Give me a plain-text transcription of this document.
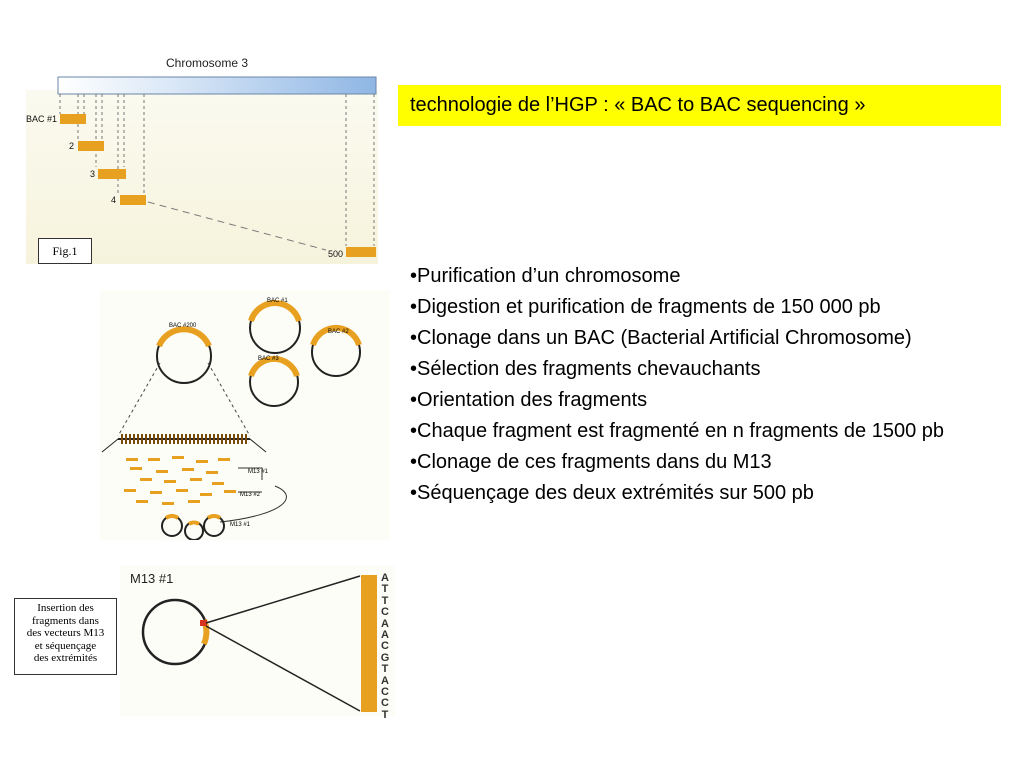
Chromosome 3
BAC #1
2
3
4
500
Fig.1
technologie de l’HGP : « BAC to BAC sequencing »
•Purification d’un chromosome
•Digestion et purification de fragments de 150 000 pb
•Clonage dans un BAC (Bacterial Artificial Chromosome)
•Sélection des fragments chevauchants
•Orientation des fragments
•Chaque fragment est fragmenté en n fragments de 1500 pb
•Clonage de ces fragments dans du M13
•Séquençage des deux extrémités sur 500 pb
BAC #200
BAC #1
BAC #2
BAC #3
M13 #1
M13 #2
M13 #1
M13 #1	A
T
T
C
A
A
C
G
T
A
C
C
T
Insertion des
fragments dans
des vecteurs M13
et séquençage
des extrémités
